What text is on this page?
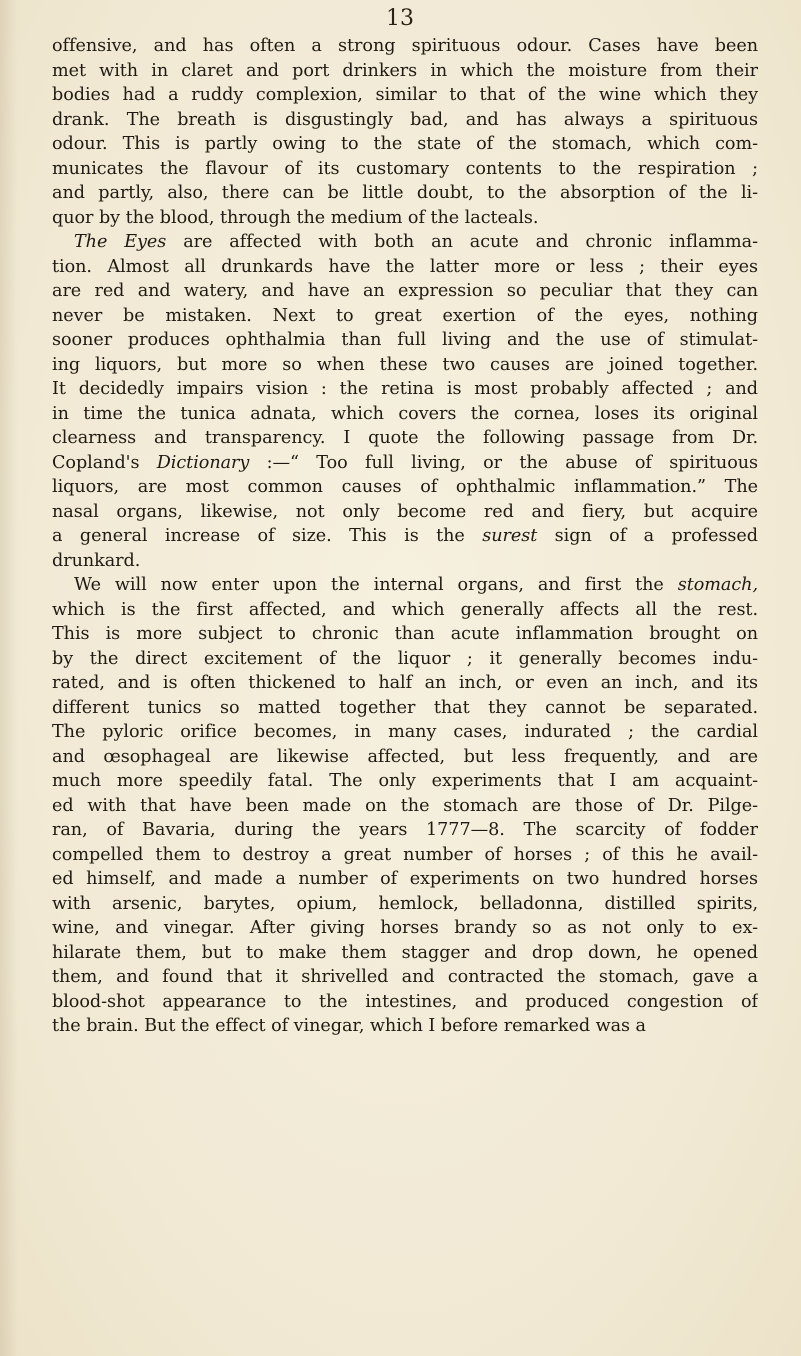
13
offensive, and has often a strong spirituous odour. Cases have been
met with in claret and port drinkers in which the moisture from their
bodies had a ruddy complexion, similar to that of the wine which they
drank. The breath is disgustingly bad, and has always a spirituous
odour. This is partly owing to the state of the stomach, which com-
municates the flavour of its customary contents to the respiration ;
and partly, also, there can be little doubt, to the absorption of the li-
quor by the blood, through the medium of the lacteals.
The Eyes are affected with both an acute and chronic inflamma-
tion. Almost all drunkards have the latter more or less ; their eyes
are red and watery, and have an expression so peculiar that they can
never be mistaken. Next to great exertion of the eyes, nothing
sooner produces ophthalmia than full living and the use of stimulat-
ing liquors, but more so when these two causes are joined together.
It decidedly impairs vision : the retina is most probably affected ; and
in time the tunica adnata, which covers the cornea, loses its original
clearness and transparency. I quote the following passage from Dr.
Copland's Dictionary :—“ Too full living, or the abuse of spirituous
liquors, are most common causes of ophthalmic inflammation.” The
nasal organs, likewise, not only become red and fiery, but acquire
a general increase of size. This is the surest sign of a professed
drunkard.
We will now enter upon the internal organs, and first the stomach,
which is the first affected, and which generally affects all the rest.
This is more subject to chronic than acute inflammation brought on
by the direct excitement of the liquor ; it generally becomes indu-
rated, and is often thickened to half an inch, or even an inch, and its
different tunics so matted together that they cannot be separated.
The pyloric orifice becomes, in many cases, indurated ; the cardial
and œsophageal are likewise affected, but less frequently, and are
much more speedily fatal. The only experiments that I am acquaint-
ed with that have been made on the stomach are those of Dr. Pilge-
ran, of Bavaria, during the years 1777—8. The scarcity of fodder
compelled them to destroy a great number of horses ; of this he avail-
ed himself, and made a number of experiments on two hundred horses
with arsenic, barytes, opium, hemlock, belladonna, distilled spirits,
wine, and vinegar. After giving horses brandy so as not only to ex-
hilarate them, but to make them stagger and drop down, he opened
them, and found that it shrivelled and contracted the stomach, gave a
blood-shot appearance to the intestines, and produced congestion of
the brain. But the effect of vinegar, which I before remarked was a
